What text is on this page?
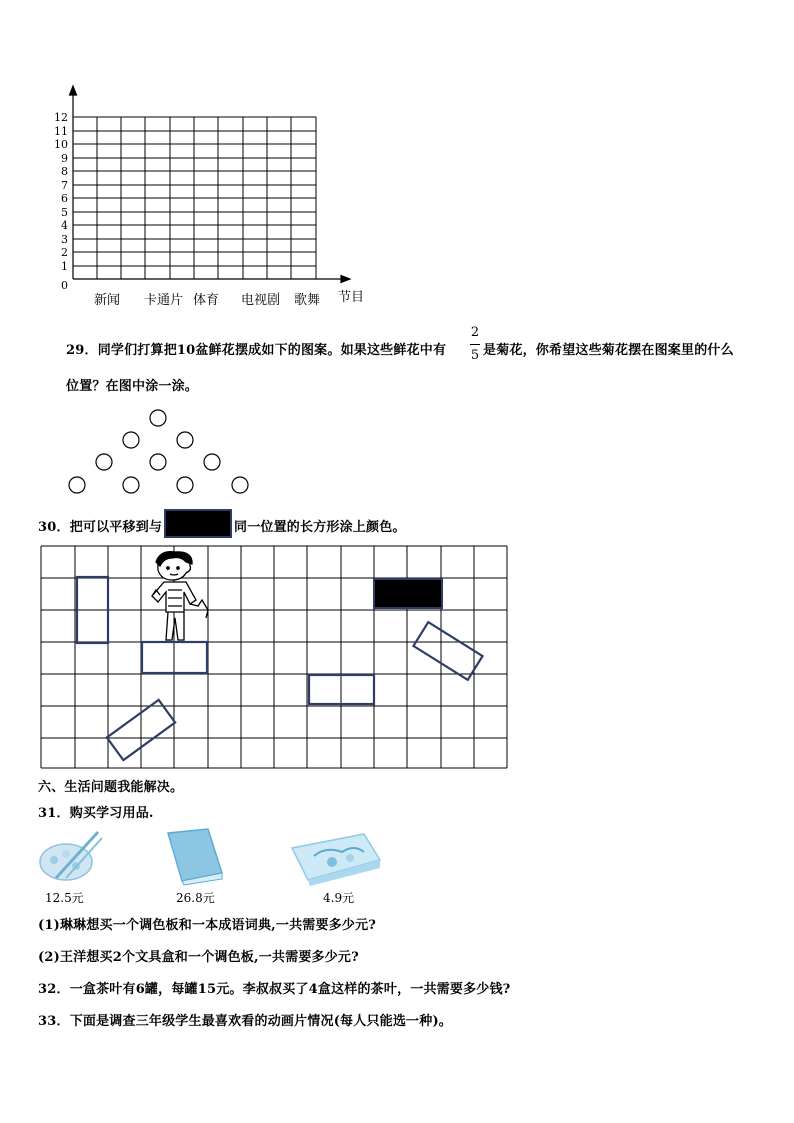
0
1
2
3
4
5
6
7
8
9
10
11
12
新闻 卡通片 体育 电视剧 歌舞 节目
29．同学们打算把10盆鲜花摆成如下的图案。如果这些鲜花中有
2
5 是菊花，你希望这些菊花摆在图案里的什么
位置？在图中涂一涂。
30．把可以平移到与	同一位置的长方形涂上颜色。
六、生活问题我能解决。
31．购买学习用品.
12.5元	26.8元	4.9元
(1)琳琳想买一个调色板和一本成语词典,一共需要多少元?
(2)王洋想买2个文具盒和一个调色板,一共需要多少元?
32．一盒茶叶有6罐，每罐15元。李叔叔买了4盒这样的茶叶，一共需要多少钱?
33．下面是调查三年级学生最喜欢看的动画片情况(每人只能选一种)。
